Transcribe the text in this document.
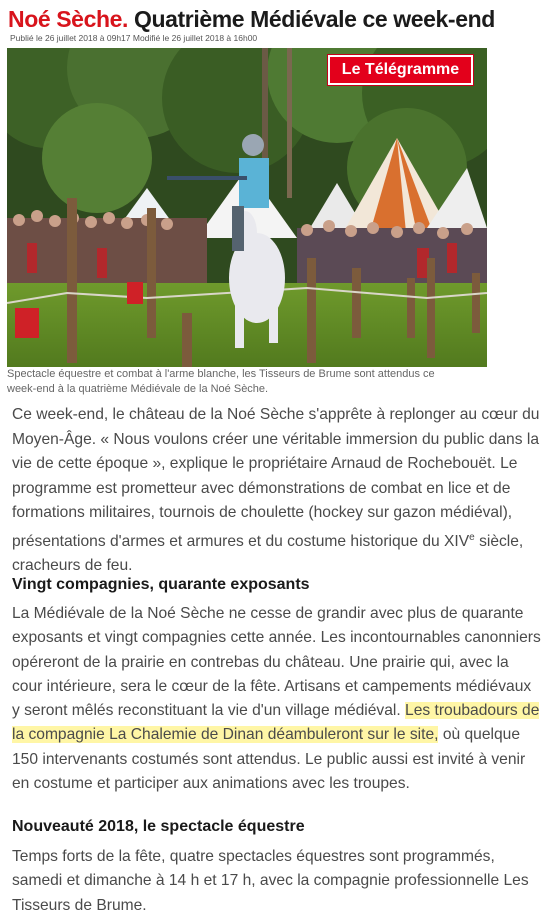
Noé Sèche. Quatrième Médiévale ce week-end
Publié le 26 juillet 2018 à 09h17 Modifié le 26 juillet 2018 à 16h00
Le Télégramme
Spectacle équestre et combat à l'arme blanche, les Tisseurs de Brume sont attendus ce week-end à la quatrième Médiévale de la Noé Sèche.
Ce week-end, le château de la Noé Sèche s'apprête à replonger au cœur du Moyen-Âge. « Nous voulons créer une véritable immersion du public dans la vie de cette époque », explique le propriétaire Arnaud de Rochebouët. Le programme est prometteur avec démonstrations de combat en lice et de formations militaires, tournois de choulette (hockey sur gazon médiéval), présentations d'armes et armures et du costume historique du XIVe siècle, cracheurs de feu.
Vingt compagnies, quarante exposants
La Médiévale de la Noé Sèche ne cesse de grandir avec plus de quarante exposants et vingt compagnies cette année. Les incontournables canonniers opéreront de la prairie en contrebas du château. Une prairie qui, avec la cour intérieure, sera le cœur de la fête. Artisans et campements médiévaux y seront mêlés reconstituant la vie d'un village médiéval. Les troubadours de la compagnie La Chalemie de Dinan déambuleront sur le site, où quelque 150 intervenants costumés sont attendus. Le public aussi est invité à venir en costume et participer aux animations avec les troupes.
Nouveauté 2018, le spectacle équestre
Temps forts de la fête, quatre spectacles équestres sont programmés, samedi et dimanche à 14 h et 17 h, avec la compagnie professionnelle Les Tisseurs de Brume.
